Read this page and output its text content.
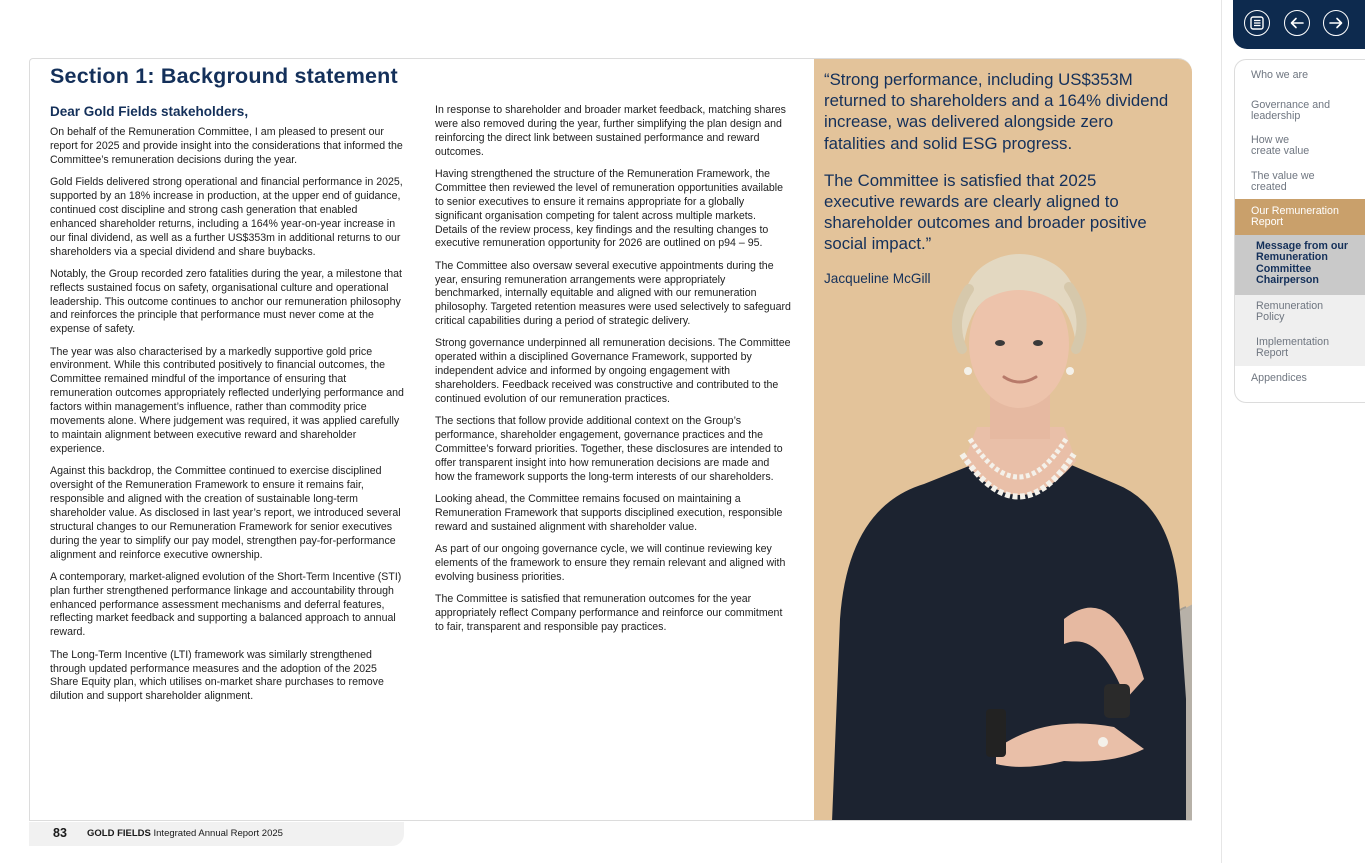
Section 1: Background statement
Dear Gold Fields stakeholders,

On behalf of the Remuneration Committee, I am pleased to present our report for 2025 and provide insight into the considerations that informed the Committee’s remuneration decisions during the year.

Gold Fields delivered strong operational and financial performance in 2025, supported by an 18% increase in production, at the upper end of guidance, continued cost discipline and strong cash generation that enabled enhanced shareholder returns, including a 164% year-on-year increase in our final dividend, as well as a further US$353m in additional returns to our shareholders via a special dividend and share buybacks.

Notably, the Group recorded zero fatalities during the year, a milestone that reflects sustained focus on safety, organisational culture and operational leadership. This outcome continues to anchor our remuneration philosophy and reinforces the principle that performance must never come at the expense of safety.

The year was also characterised by a markedly supportive gold price environment. While this contributed positively to financial outcomes, the Committee remained mindful of the importance of ensuring that remuneration outcomes appropriately reflected underlying performance and factors within management’s influence, rather than commodity price movements alone. Where judgement was required, it was applied carefully to maintain alignment between executive reward and shareholder experience.

Against this backdrop, the Committee continued to exercise disciplined oversight of the Remuneration Framework to ensure it remains fair, responsible and aligned with the creation of sustainable long-term shareholder value. As disclosed in last year’s report, we introduced several structural changes to our Remuneration Framework for senior executives during the year to simplify our pay model, strengthen pay-for-performance alignment and reinforce executive ownership.

A contemporary, market-aligned evolution of the Short-Term Incentive (STI) plan further strengthened performance linkage and accountability through enhanced performance assessment mechanisms and deferral features, reflecting market feedback and supporting a balanced approach to annual reward.

The Long-Term Incentive (LTI) framework was similarly strengthened through updated performance measures and the adoption of the 2025 Share Equity plan, which utilises on-market share purchases to remove dilution and support shareholder alignment.

In response to shareholder and broader market feedback, matching shares were also removed during the year, further simplifying the plan design and reinforcing the direct link between sustained performance and reward outcomes.

Having strengthened the structure of the Remuneration Framework, the Committee then reviewed the level of remuneration opportunities available to senior executives to ensure it remains appropriate for a globally significant organisation competing for talent across multiple markets. Details of the review process, key findings and the resulting changes to executive remuneration opportunity for 2026 are outlined on p94 – 95.

The Committee also oversaw several executive appointments during the year, ensuring remuneration arrangements were appropriately benchmarked, internally equitable and aligned with our remuneration philosophy. Targeted retention measures were used selectively to safeguard critical capabilities during a period of strategic delivery.

Strong governance underpinned all remuneration decisions. The Committee operated within a disciplined Governance Framework, supported by independent advice and informed by ongoing engagement with shareholders. Feedback received was constructive and contributed to the continued evolution of our remuneration practices.

The sections that follow provide additional context on the Group’s performance, shareholder engagement, governance practices and the Committee’s forward priorities. Together, these disclosures are intended to offer transparent insight into how remuneration decisions are made and how the framework supports the long-term interests of our shareholders.

Looking ahead, the Committee remains focused on maintaining a Remuneration Framework that supports disciplined execution, responsible reward and sustained alignment with shareholder value.

As part of our ongoing governance cycle, we will continue reviewing key elements of the framework to ensure they remain relevant and aligned with evolving business priorities.

The Committee is satisfied that remuneration outcomes for the year appropriately reflect Company performance and reinforce our commitment to fair, transparent and responsible pay practices.

“Strong performance, including US$353M returned to shareholders and a 164% dividend increase, was delivered alongside zero fatalities and solid ESG progress.

The Committee is satisfied that 2025 executive rewards are clearly aligned to shareholder outcomes and broader positive social impact.”

Jacqueline McGill
83 GOLD FIELDS Integrated Annual Report 2025
Who we are
Governance and leadership
How we create value
The value we created
Our Remuneration Report
Message from our Remuneration Committee Chairperson
Remuneration Policy
Implementation Report
Appendices
